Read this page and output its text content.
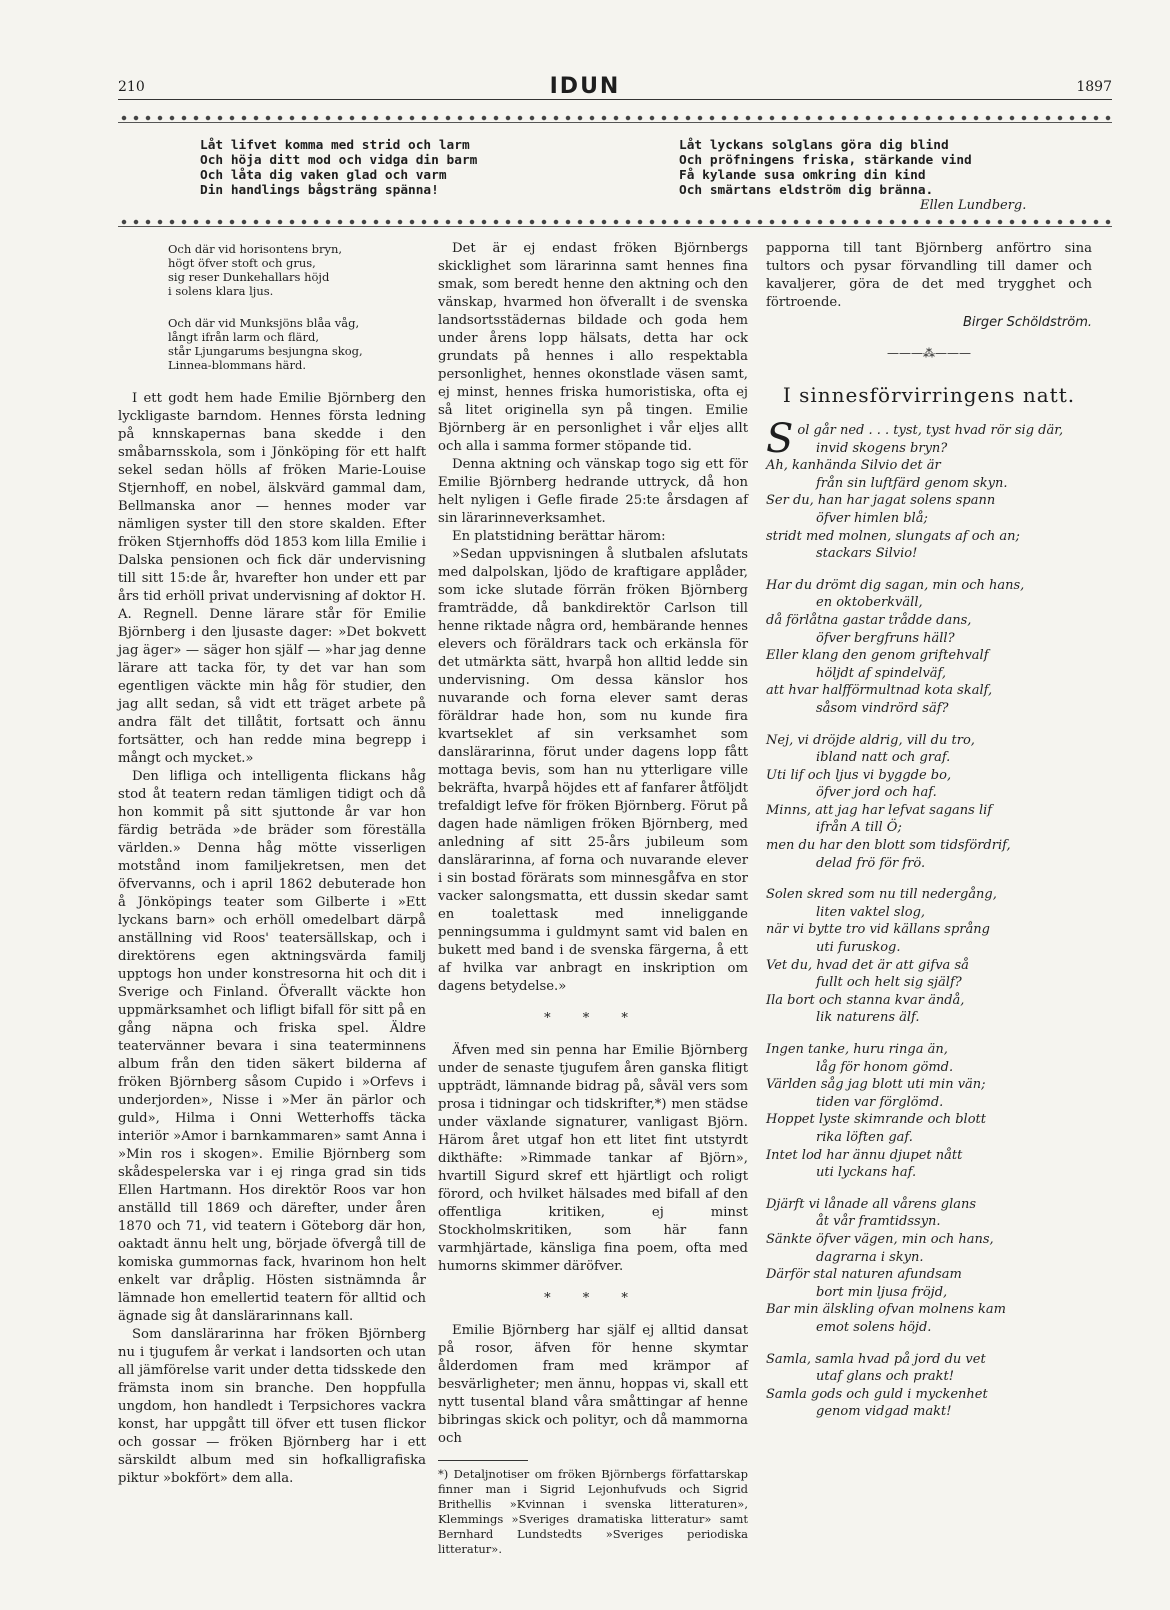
210	IDUN	1897
Låt lifvet komma med strid och larm
Och höja ditt mod och vidga din barm
Och låta dig vaken glad och varm
Din handlings bågsträng spänna!
Låt lyckans solglans göra dig blind
Och pröfningens friska, stärkande vind
Få kylande susa omkring din kind
Och smärtans eldström dig bränna.
Ellen Lundberg.
Och där vid horisontens bryn,
högt öfver stoft och grus,
sig reser Dunkehallars höjd
i solens klara ljus.
Och där vid Munksjöns blåa våg,
långt ifrån larm och flärd,
står Ljungarums besjungna skog,
Linnea-blommans härd.

I ett godt hem hade Emilie Björnberg den lyckligaste barndom. Hennes första ledning på knnskapernas bana skedde i den småbarnsskola, som i Jönköping för ett halft sekel sedan hölls af fröken Marie-Louise Stjernhoff, en nobel, älskvärd gammal dam, Bellmanska anor — hennes moder var nämligen syster till den store skalden. Efter fröken Stjernhoffs död 1853 kom lilla Emilie i Dalska pensionen och fick där undervisning till sitt 15:de år, hvarefter hon under ett par års tid erhöll privat undervisning af doktor H. A. Regnell. Denne lärare står för Emilie Björnberg i den ljusaste dager: »Det bokvett jag äger» — säger hon själf — »har jag denne lärare att tacka för, ty det var han som egentligen väckte min håg för studier, den jag allt sedan, så vidt ett träget arbete på andra fält det tillåtit, fortsatt och ännu fortsätter, och han redde mina begrepp i mångt och mycket.»

Den lifliga och intelligenta flickans håg stod åt teatern redan tämligen tidigt och då hon kommit på sitt sjuttonde år var hon färdig beträda »de bräder som föreställa världen.» Denna håg mötte visserligen motstånd inom familjekretsen, men det öfvervanns, och i april 1862 debuterade hon å Jönköpings teater som Gilberte i »Ett lyckans barn» och erhöll omedelbart därpå anställning vid Roos' teatersällskap, och i direktörens egen aktningsvärda familj upptogs hon under konstresorna hit och dit i Sverige och Finland. Öfverallt väckte hon uppmärksamhet och lifligt bifall för sitt på en gång näpna och friska spel. Äldre teatervänner bevara i sina teaterminnens album från den tiden säkert bilderna af fröken Björnberg såsom Cupido i »Orfevs i underjorden», Nisse i »Mer än pärlor och guld», Hilma i Onni Wetterhoffs täcka interiör »Amor i barnkammaren» samt Anna i »Min ros i skogen». Emilie Björnberg som skådespelerska var i ej ringa grad sin tids Ellen Hartmann. Hos direktör Roos var hon anställd till 1869 och därefter, under åren 1870 och 71, vid teatern i Göteborg där hon, oaktadt ännu helt ung, började öfvergå till de komiska gummornas fack, hvarinom hon helt enkelt var dråplig. Hösten sistnämnda år lämnade hon emellertid teatern för alltid och ägnade sig åt danslärarinnans kall.

Som danslärarinna har fröken Björnberg nu i tjugufem år verkat i landsorten och utan all jämförelse varit under detta tidsskede den främsta inom sin branche. Den hoppfulla ungdom, hon handledt i Terpsichores vackra konst, har uppgått till öfver ett tusen flickor och gossar — fröken Björnberg har i ett särskildt album med sin hofkalligrafiska piktur »bokfört» dem alla.

Det är ej endast fröken Björnbergs skicklighet som lärarinna samt hennes fina smak, som beredt henne den aktning och den vänskap, hvarmed hon öfverallt i de svenska landsortsstädernas bildade och goda hem under årens lopp hälsats, detta har ock grundats på hennes i allo respektabla personlighet, hennes okonstlade väsen samt, ej minst, hennes friska humoristiska, ofta ej så litet originella syn på tingen. Emilie Björnberg är en personlighet i vår eljes allt och alla i samma former stöpande tid.

Denna aktning och vänskap togo sig ett för Emilie Björnberg hedrande uttryck, då hon helt nyligen i Gefle firade 25:te årsdagen af sin lärarinneverksamhet.

En platstidning berättar härom:

»Sedan uppvisningen å slutbalen afslutats med dalpolskan, ljödo de kraftigare applåder, som icke slutade förrän fröken Björnberg framträdde, då bankdirektör Carlson till henne riktade några ord, hembärande hennes elevers och föräldrars tack och erkänsla för det utmärkta sätt, hvarpå hon alltid ledde sin undervisning. Om dessa känslor hos nuvarande och forna elever samt deras föräldrar hade hon, som nu kunde fira kvartseklet af sin verksamhet som danslärarinna, förut under dagens lopp fått mottaga bevis, som han nu ytterligare ville bekräfta, hvarpå höjdes ett af fanfarer åtföljdt trefaldigt lefve för fröken Björnberg. Förut på dagen hade nämligen fröken Björnberg, med anledning af sitt 25-års jubileum som danslärarinna, af forna och nuvarande elever i sin bostad förärats som minnesgåfva en stor vacker salongsmatta, ett dussin skedar samt en toalettask med inneliggande penningsumma i guldmynt samt vid balen en bukett med band i de svenska färgerna, å ett af hvilka var anbragt en inskription om dagens betydelse.»

* * *

Äfven med sin penna har Emilie Björnberg under de senaste tjugufem åren ganska flitigt uppträdt, lämnande bidrag på, såväl vers som prosa i tidningar och tidskrifter,*) men städse under växlande signaturer, vanligast Björn. Härom året utgaf hon ett litet fint utstyrdt dikthäfte: »Rimmade tankar af Björn», hvartill Sigurd skref ett hjärtligt och roligt förord, och hvilket hälsades med bifall af den offentliga kritiken, ej minst Stockholmskritiken, som här fann varmhjärtade, känsliga fina poem, ofta med humorns skimmer däröfver.

* * *

Emilie Björnberg har själf ej alltid dansat på rosor, äfven för henne skymtar ålderdomen fram med krämpor af besvärligheter; men ännu, hoppas vi, skall ett nytt tusental bland våra småttingar af henne bibringas skick och polityr, och då mammorna och

*) Detaljnotiser om fröken Björnbergs författarskap finner man i Sigrid Lejonhufvuds och Sigrid Brithellis »Kvinnan i svenska litteraturen», Klemmings »Sveriges dramatiska litteratur» samt Bernhard Lundstedts »Sveriges periodiska litteratur».

papporna till tant Björnberg anförtro sina tultors och pysar förvandling till damer och kavaljerer, göra de det med trygghet och förtroende.

Birger Schöldström.
———⁂———
I sinnesförvirringens natt.
S ol går ned . . . tyst, tyst hvad rör sig där,
invid skogens bryn?
Ah, kanhända Silvio det är
från sin luftfärd genom skyn.
Ser du, han har jagat solens spann
öfver himlen blå;
stridt med molnen, slungats af och an;
stackars Silvio!
Har du drömt dig sagan, min och hans,
en oktoberkväll,
då förlåtna gastar trådde dans,
öfver bergfruns häll?
Eller klang den genom griftehvalf
höljdt af spindelväf,
att hvar halfförmultnad kota skalf,
såsom vindrörd säf?
Nej, vi dröjde aldrig, vill du tro,
ibland natt och graf.
Uti lif och ljus vi byggde bo,
öfver jord och haf.
Minns, att jag har lefvat sagans lif
ifrån A till Ö;
men du har den blott som tidsfördrif,
delad frö för frö.
Solen skred som nu till nedergång,
liten vaktel slog,
när vi bytte tro vid källans språng
uti furuskog.
Vet du, hvad det är att gifva så
fullt och helt sig själf?
Ila bort och stanna kvar ändå,
lik naturens älf.
Ingen tanke, huru ringa än,
låg för honom gömd.
Världen såg jag blott uti min vän;
tiden var förglömd.
Hoppet lyste skimrande och blott
rika löften gaf.
Intet lod har ännu djupet nått
uti lyckans haf.
Djärft vi lånade all vårens glans
åt vår framtidssyn.
Sänkte öfver vägen, min och hans,
dagrarna i skyn.
Därför stal naturen afundsam
bort min ljusa fröjd,
Bar min älskling ofvan molnens kam
emot solens höjd.
Samla, samla hvad på jord du vet
utaf glans och prakt!
Samla gods och guld i myckenhet
genom vidgad makt!
